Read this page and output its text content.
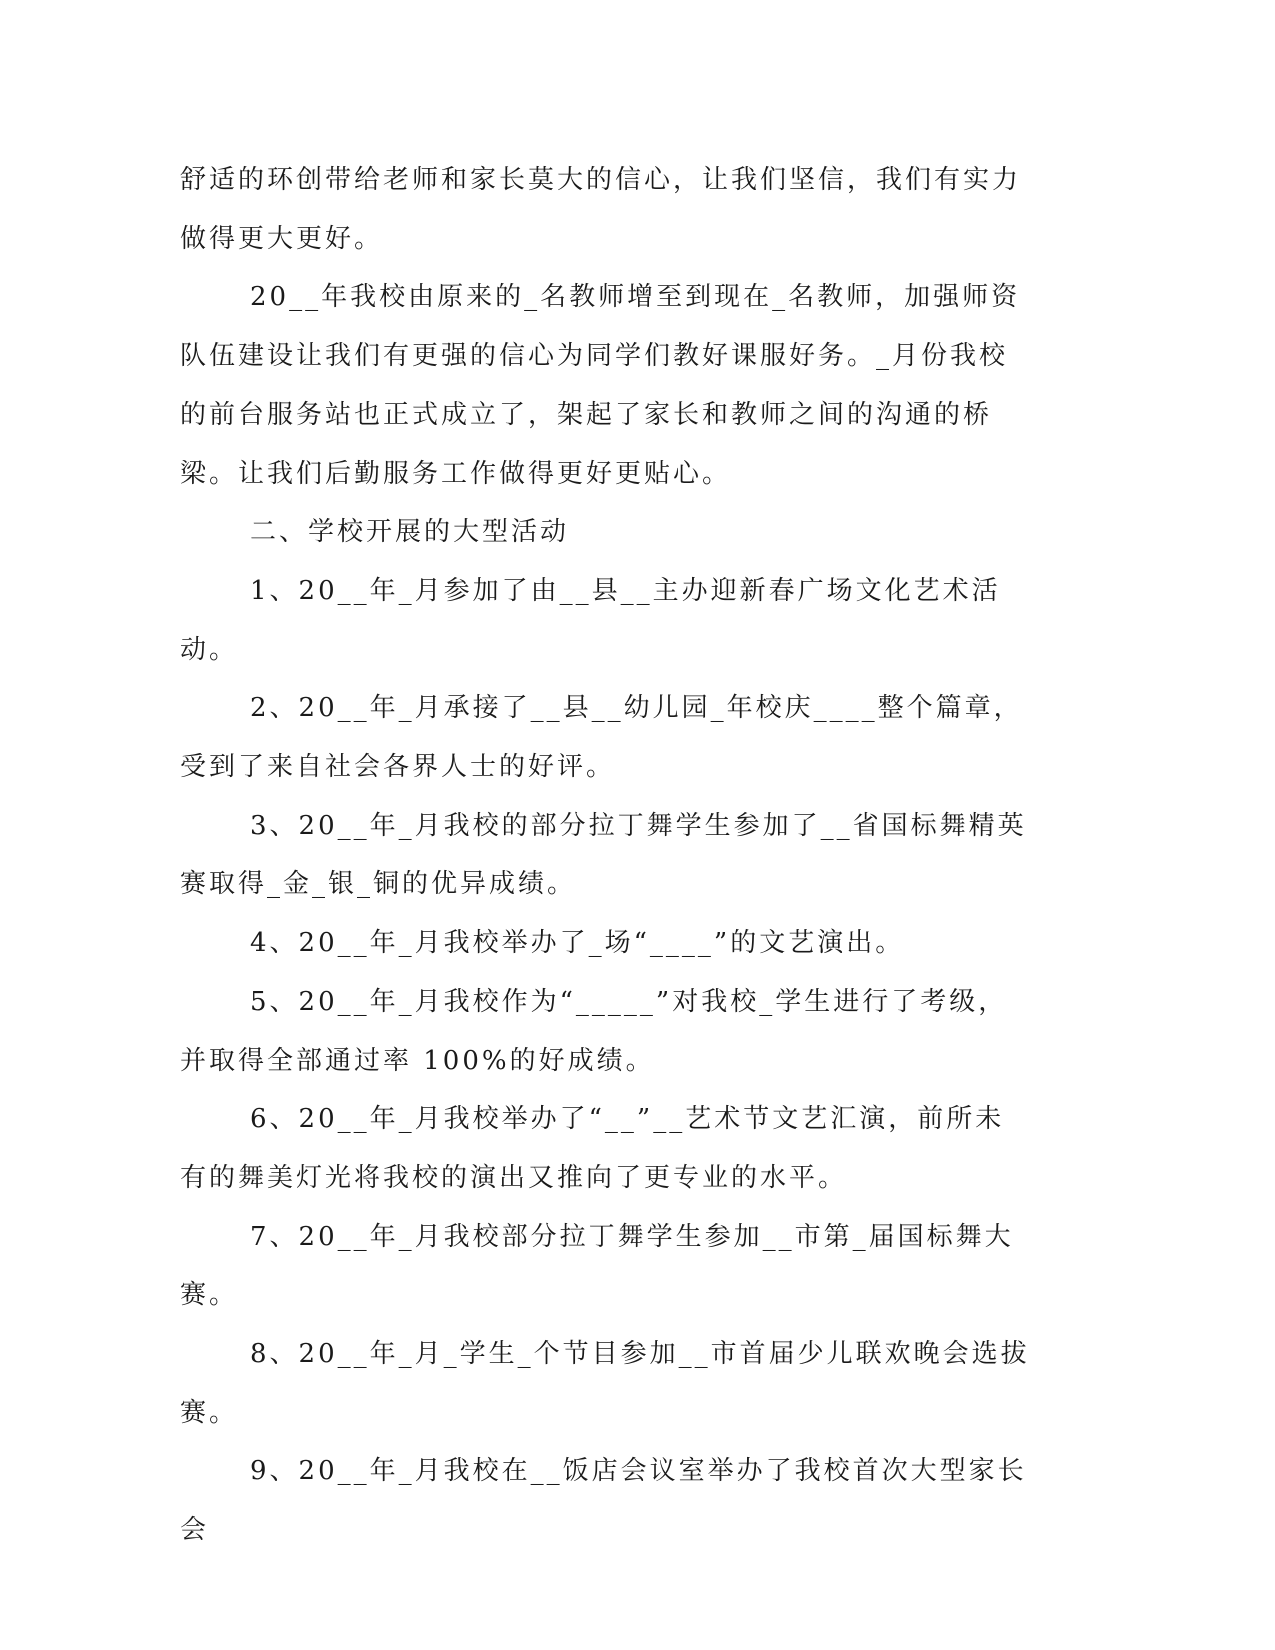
舒适的环创带给老师和家长莫大的信心，让我们坚信，我们有实力做得更大更好。

20__年我校由原来的_名教师增至到现在_名教师，加强师资队伍建设让我们有更强的信心为同学们教好课服好务。_月份我校的前台服务站也正式成立了，架起了家长和教师之间的沟通的桥梁。让我们后勤服务工作做得更好更贴心。

二、学校开展的大型活动

1、20__年_月参加了由__县__主办迎新春广场文化艺术活动。

2、20__年_月承接了__县__幼儿园_年校庆____整个篇章，受到了来自社会各界人士的好评。

3、20__年_月我校的部分拉丁舞学生参加了__省国标舞精英赛取得_金_银_铜的优异成绩。

4、20__年_月我校举办了_场“____”的文艺演出。

5、20__年_月我校作为“_____”对我校_学生进行了考级，并取得全部通过率 100%的好成绩。

6、20__年_月我校举办了“__”__艺术节文艺汇演，前所未有的舞美灯光将我校的演出又推向了更专业的水平。

7、20__年_月我校部分拉丁舞学生参加__市第_届国标舞大赛。

8、20__年_月_学生_个节目参加__市首届少儿联欢晚会选拔赛。

9、20__年_月我校在__饭店会议室举办了我校首次大型家长会
